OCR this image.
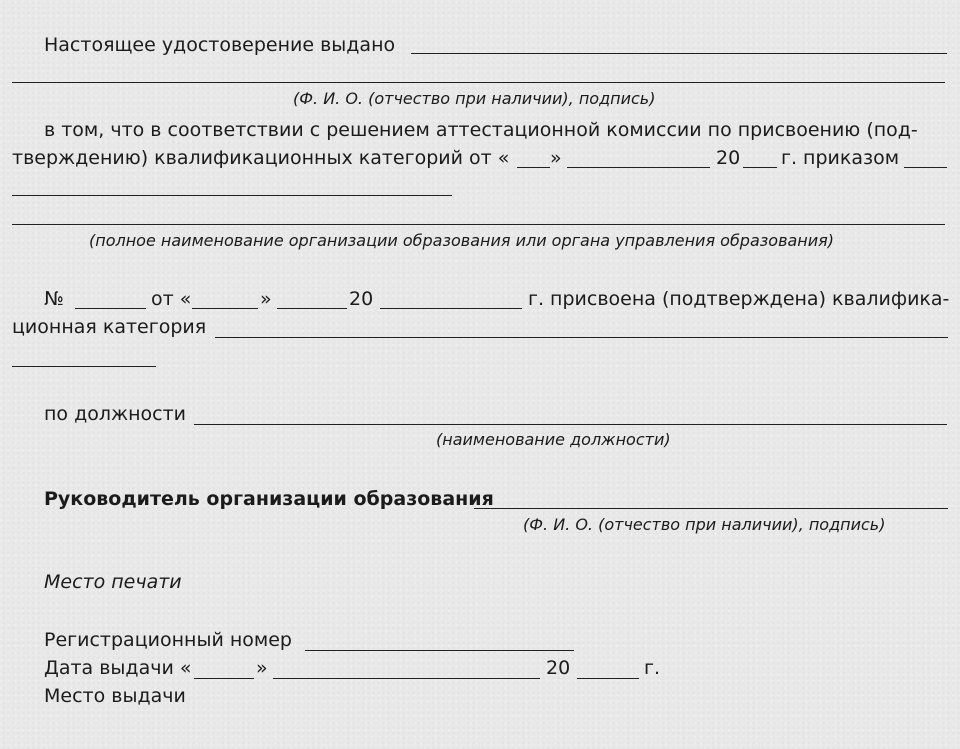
Настоящее удостоверение выдано
(Ф. И. О. (отчество при наличии), подпись)
в том, что в соответствии с решением аттестационной комиссии по присвоению (под-
тверждению) квалификационных категорий от « »	20 г. приказом
(полное наименование организации образования или органа управления образования)
№	от «	»	20	г. присвоена (подтверждена) квалифика-
ционная категория
по должности
(наименование должности)
Руководитель организации образования
(Ф. И. О. (отчество при наличии), подпись)
Место печати
Регистрационный номер
Дата выдачи «	»	20	г.
Место выдачи
